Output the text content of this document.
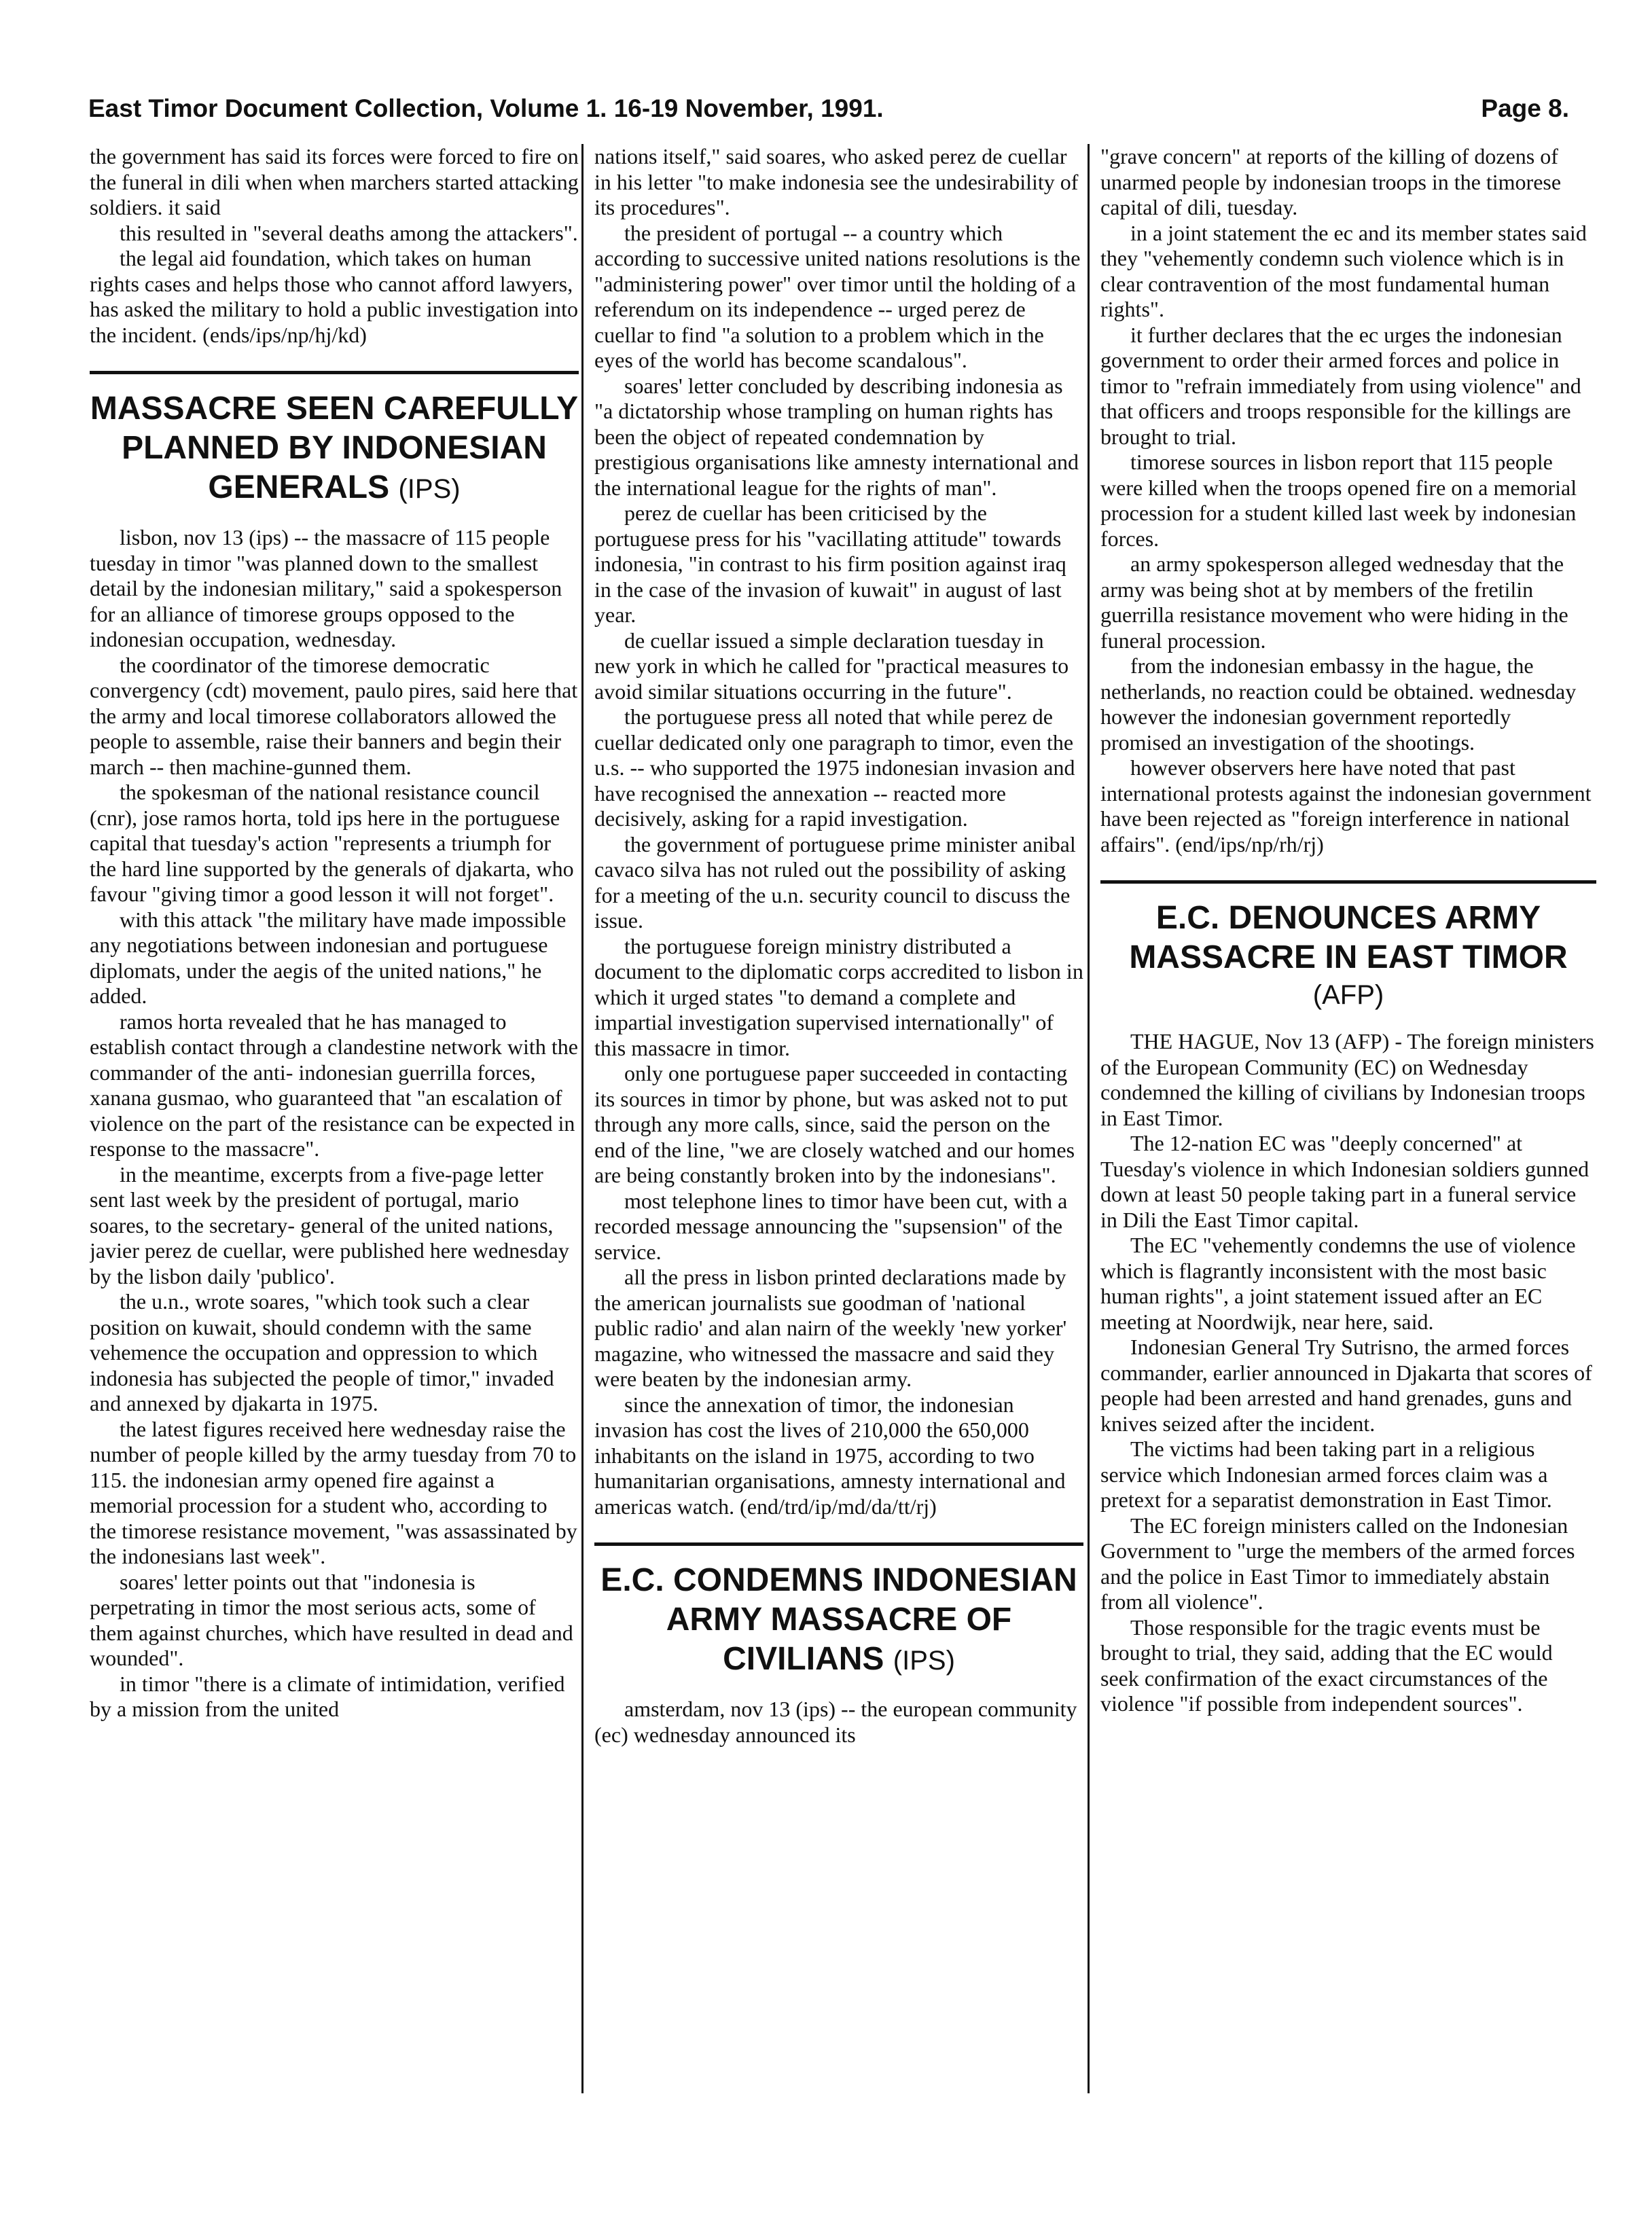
East Timor Document Collection, Volume 1. 16-19 November, 1991.	Page 8.

the government has said its forces were forced to fire on the funeral in dili when when marchers started attacking soldiers. it said

this resulted in "several deaths among the attackers".

the legal aid foundation, which takes on human rights cases and helps those who cannot afford lawyers, has asked the military to hold a public investigation into the incident. (ends/ips/np/hj/kd)

MASSACRE SEEN CAREFULLY PLANNED BY INDONESIAN GENERALS (IPS)

lisbon, nov 13 (ips) -- the massacre of 115 people tuesday in timor "was planned down to the smallest detail by the indonesian military," said a spokesperson for an alliance of timorese groups opposed to the indonesian occupation, wednesday.

the coordinator of the timorese democratic convergency (cdt) movement, paulo pires, said here that the army and local timorese collaborators allowed the people to assemble, raise their banners and begin their march -- then machine-gunned them.

the spokesman of the national resistance council (cnr), jose ramos horta, told ips here in the portuguese capital that tuesday's action "represents a triumph for the hard line supported by the generals of djakarta, who favour "giving timor a good lesson it will not forget".

with this attack "the military have made impossible any negotiations between indonesian and portuguese diplomats, under the aegis of the united nations," he added.

ramos horta revealed that he has managed to establish contact through a clandestine network with the commander of the anti- indonesian guerrilla forces, xanana gusmao, who guaranteed that "an escalation of violence on the part of the resistance can be expected in response to the massacre".

in the meantime, excerpts from a five-page letter sent last week by the president of portugal, mario soares, to the secretary- general of the united nations, javier perez de cuellar, were published here wednesday by the lisbon daily 'publico'.

the u.n., wrote soares, "which took such a clear position on kuwait, should condemn with the same vehemence the occupation and oppression to which indonesia has subjected the people of timor," invaded and annexed by djakarta in 1975.

the latest figures received here wednesday raise the number of people killed by the army tuesday from 70 to 115. the indonesian army opened fire against a memorial procession for a student who, according to the timorese resistance movement, "was assassinated by the indonesians last week".

soares' letter points out that "indonesia is perpetrating in timor the most serious acts, some of them against churches, which have resulted in dead and wounded".

in timor "there is a climate of intimidation, verified by a mission from the united

nations itself," said soares, who asked perez de cuellar in his letter "to make indonesia see the undesirability of its procedures".

the president of portugal -- a country which according to successive united nations resolutions is the "administering power" over timor until the holding of a referendum on its independence -- urged perez de cuellar to find "a solution to a problem which in the eyes of the world has become scandalous".

soares' letter concluded by describing indonesia as "a dictatorship whose trampling on human rights has been the object of repeated condemnation by prestigious organisations like amnesty international and the international league for the rights of man".

perez de cuellar has been criticised by the portuguese press for his "vacillating attitude" towards indonesia, "in contrast to his firm position against iraq in the case of the invasion of kuwait" in august of last year.

de cuellar issued a simple declaration tuesday in new york in which he called for "practical measures to avoid similar situations occurring in the future".

the portuguese press all noted that while perez de cuellar dedicated only one paragraph to timor, even the u.s. -- who supported the 1975 indonesian invasion and have recognised the annexation -- reacted more decisively, asking for a rapid investigation.

the government of portuguese prime minister anibal cavaco silva has not ruled out the possibility of asking for a meeting of the u.n. security council to discuss the issue.

the portuguese foreign ministry distributed a document to the diplomatic corps accredited to lisbon in which it urged states "to demand a complete and impartial investigation supervised internationally" of this massacre in timor.

only one portuguese paper succeeded in contacting its sources in timor by phone, but was asked not to put through any more calls, since, said the person on the end of the line, "we are closely watched and our homes are being constantly broken into by the indonesians".

most telephone lines to timor have been cut, with a recorded message announcing the "supsension" of the service.

all the press in lisbon printed declarations made by the american journalists sue goodman of 'national public radio' and alan nairn of the weekly 'new yorker' magazine, who witnessed the massacre and said they were beaten by the indonesian army.

since the annexation of timor, the indonesian invasion has cost the lives of 210,000 the 650,000 inhabitants on the island in 1975, according to two humanitarian organisations, amnesty international and americas watch. (end/trd/ip/md/da/tt/rj)

E.C. CONDEMNS INDONESIAN ARMY MASSACRE OF CIVILIANS (IPS)

amsterdam, nov 13 (ips) -- the european community (ec) wednesday announced its

"grave concern" at reports of the killing of dozens of unarmed people by indonesian troops in the timorese capital of dili, tuesday.

in a joint statement the ec and its member states said they "vehemently condemn such violence which is in clear contravention of the most fundamental human rights".

it further declares that the ec urges the indonesian government to order their armed forces and police in timor to "refrain immediately from using violence" and that officers and troops responsible for the killings are brought to trial.

timorese sources in lisbon report that 115 people were killed when the troops opened fire on a memorial procession for a student killed last week by indonesian forces.

an army spokesperson alleged wednesday that the army was being shot at by members of the fretilin guerrilla resistance movement who were hiding in the funeral procession.

from the indonesian embassy in the hague, the netherlands, no reaction could be obtained. wednesday however the indonesian government reportedly promised an investigation of the shootings.

however observers here have noted that past international protests against the indonesian government have been rejected as "foreign interference in national affairs". (end/ips/np/rh/rj)

E.C. DENOUNCES ARMY MASSACRE IN EAST TIMOR
(AFP)

THE HAGUE, Nov 13 (AFP) - The foreign ministers of the European Community (EC) on Wednesday condemned the killing of civilians by Indonesian troops in East Timor.

The 12-nation EC was "deeply concerned" at Tuesday's violence in which Indonesian soldiers gunned down at least 50 people taking part in a funeral service in Dili the East Timor capital.

The EC "vehemently condemns the use of violence which is flagrantly inconsistent with the most basic human rights", a joint statement issued after an EC meeting at Noordwijk, near here, said.

Indonesian General Try Sutrisno, the armed forces commander, earlier announced in Djakarta that scores of people had been arrested and hand grenades, guns and knives seized after the incident.

The victims had been taking part in a religious service which Indonesian armed forces claim was a pretext for a separatist demonstration in East Timor.

The EC foreign ministers called on the Indonesian Government to "urge the members of the armed forces and the police in East Timor to immediately abstain from all violence".

Those responsible for the tragic events must be brought to trial, they said, adding that the EC would seek confirmation of the exact circumstances of the violence "if possible from independent sources".
